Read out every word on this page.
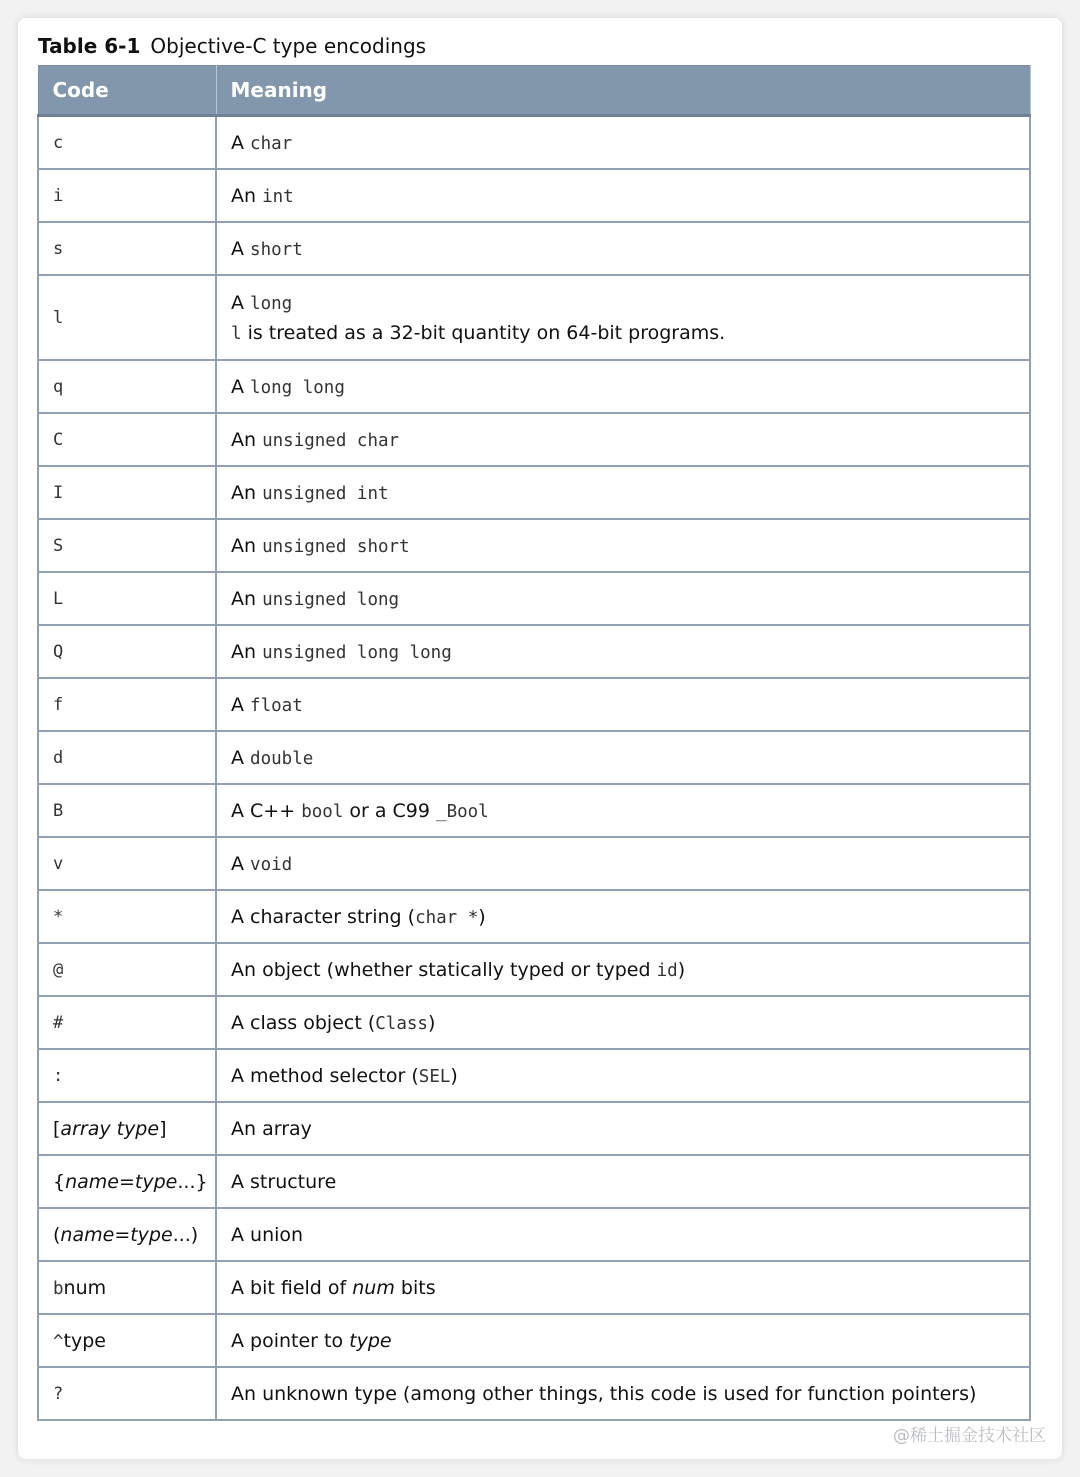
Table 6-1 Objective-C type encodings
Code	Meaning
c	A char
i	An int
s	A short
l	A long
l is treated as a 32-bit quantity on 64-bit programs.

q	A long long
C	An unsigned char
I	An unsigned int
S	An unsigned short
L	An unsigned long
Q	An unsigned long long
f	A float
d	A double
B	A C++ bool or a C99 _Bool
v	A void
*	A character string (char *)
@	An object (whether statically typed or typed id)
#	A class object (Class)
:	A method selector (SEL)
[array type]	An array
{name=type...}	A structure
(name=type...)	A union
bnum	A bit field of num bits
^type	A pointer to type
?	An unknown type (among other things, this code is used for function pointers)
@稀土掘金技术社区
